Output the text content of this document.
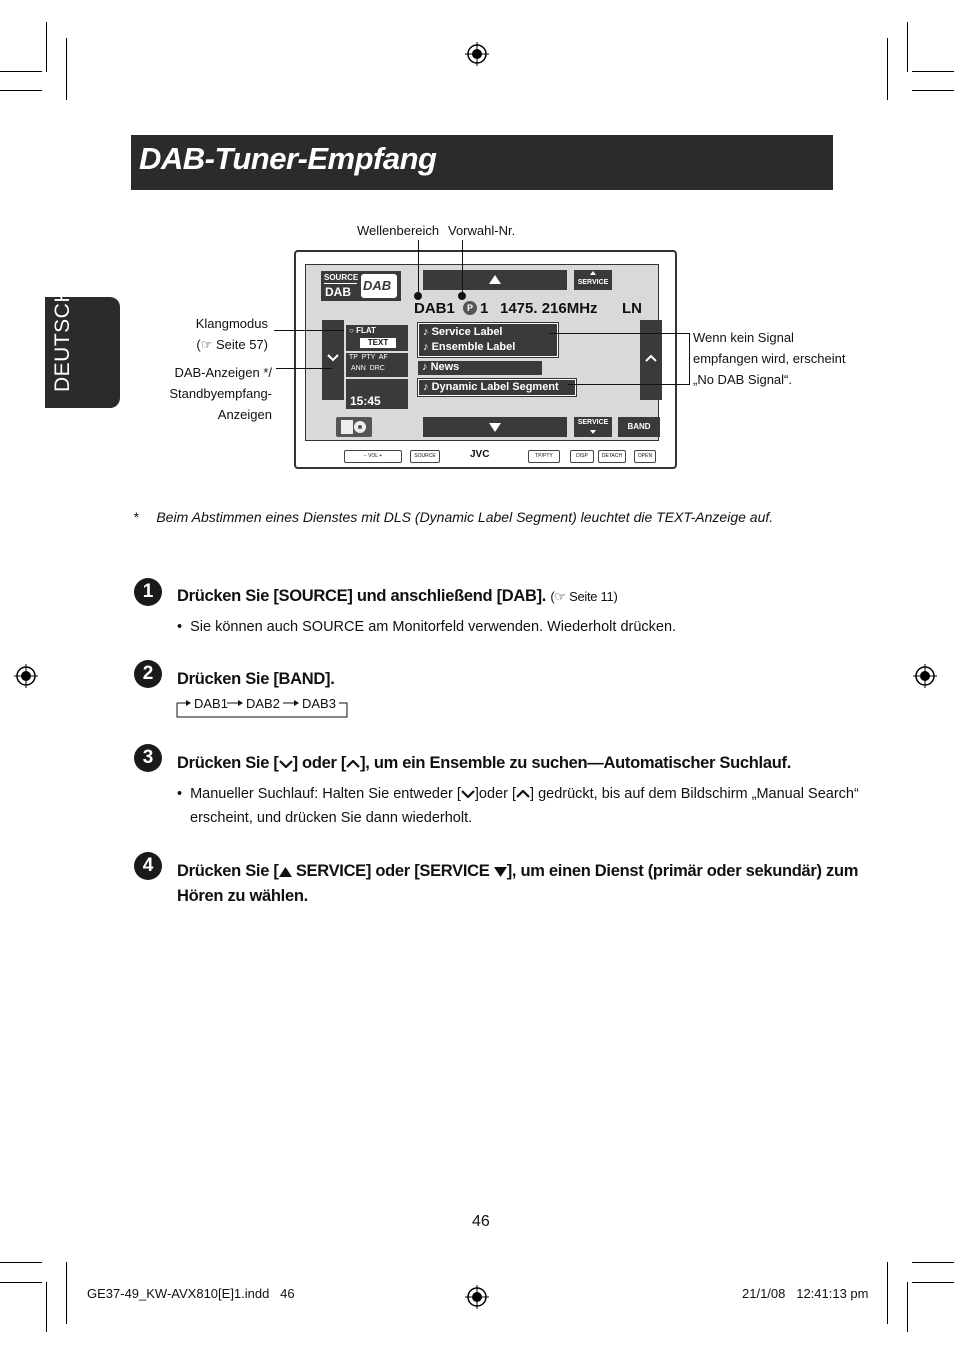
DAB-Tuner-Empfang
DEUTSCH
Wellenbereich Vorwahl-Nr.
Klangmodus
(☞ Seite 57)
DAB-Anzeigen */
Standbyempfang-
Anzeigen
Wenn kein Signal
empfangen wird, erscheint
„No DAB Signal“.
SOURCE
DAB DAB	SERVICE
DAB1	P 1 1475. 216MHz LN
○ FLAT
TEXT
TP  PTY  AF
ANN  DRC
15:45
♪ Service Label
♪ Ensemble Label
♪ News
♪ Dynamic Label Segment
SERVICE	BAND
− VOL +	SOURCE	JVC	TP/PTY	DISP	DETACH	OPEN
* Beim Abstimmen eines Dienstes mit DLS (Dynamic Label Segment) leuchtet die TEXT-Anzeige auf.
1	Drücken Sie [SOURCE] und anschließend [DAB]. (☞ Seite 11)
• Sie können auch SOURCE am Monitorfeld verwenden. Wiederholt drücken.
2	Drücken Sie [BAND].
DAB1 DAB2 DAB3
3	Drücken Sie [ ] oder [ ], um ein Ensemble zu suchen—Automatischer Suchlauf.
• Manueller Suchlauf: Halten Sie entweder [ ]oder [ ] gedrückt, bis auf dem Bildschirm „Manual Search“
erscheint, und drücken Sie dann wiederholt.
4	Drücken Sie [ SERVICE] oder [SERVICE ], um einen Dienst (primär oder sekundär) zum
Hören zu wählen.
46
GE37-49_KW-AVX810[E]1.indd   46	21/1/08   12:41:13 pm
